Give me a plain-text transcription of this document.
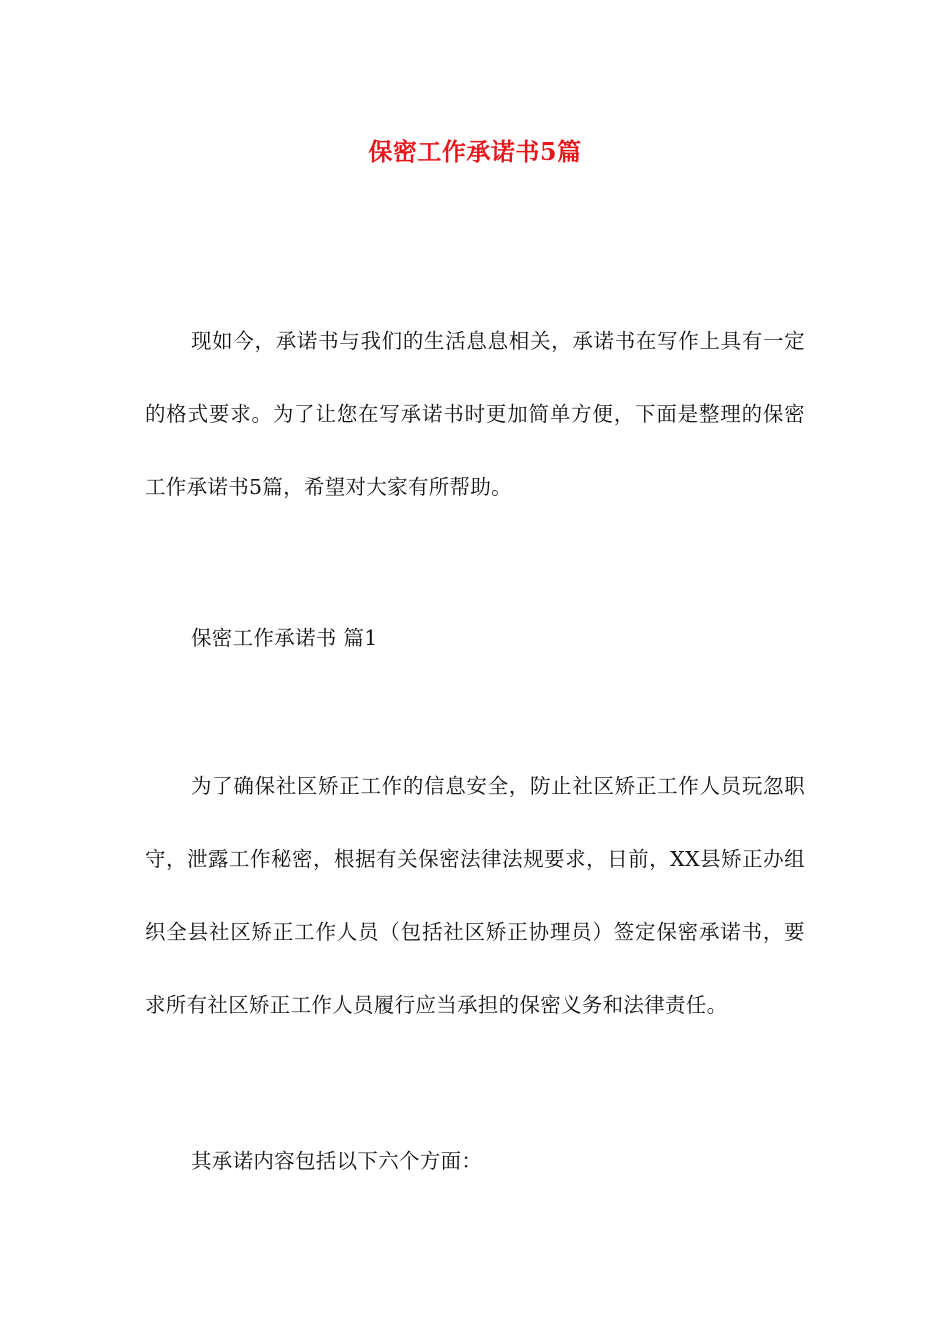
保密工作承诺书5篇

现如今，承诺书与我们的生活息息相关，承诺书在写作上具有一定的格式要求。为了让您在写承诺书时更加简单方便，下面是整理的保密工作承诺书5篇，希望对大家有所帮助。

保密工作承诺书 篇1

为了确保社区矫正工作的信息安全，防止社区矫正工作人员玩忽职守，泄露工作秘密，根据有关保密法律法规要求，日前，XX县矫正办组织全县社区矫正工作人员（包括社区矫正协理员）签定保密承诺书，要求所有社区矫正工作人员履行应当承担的保密义务和法律责任。

其承诺内容包括以下六个方面：
